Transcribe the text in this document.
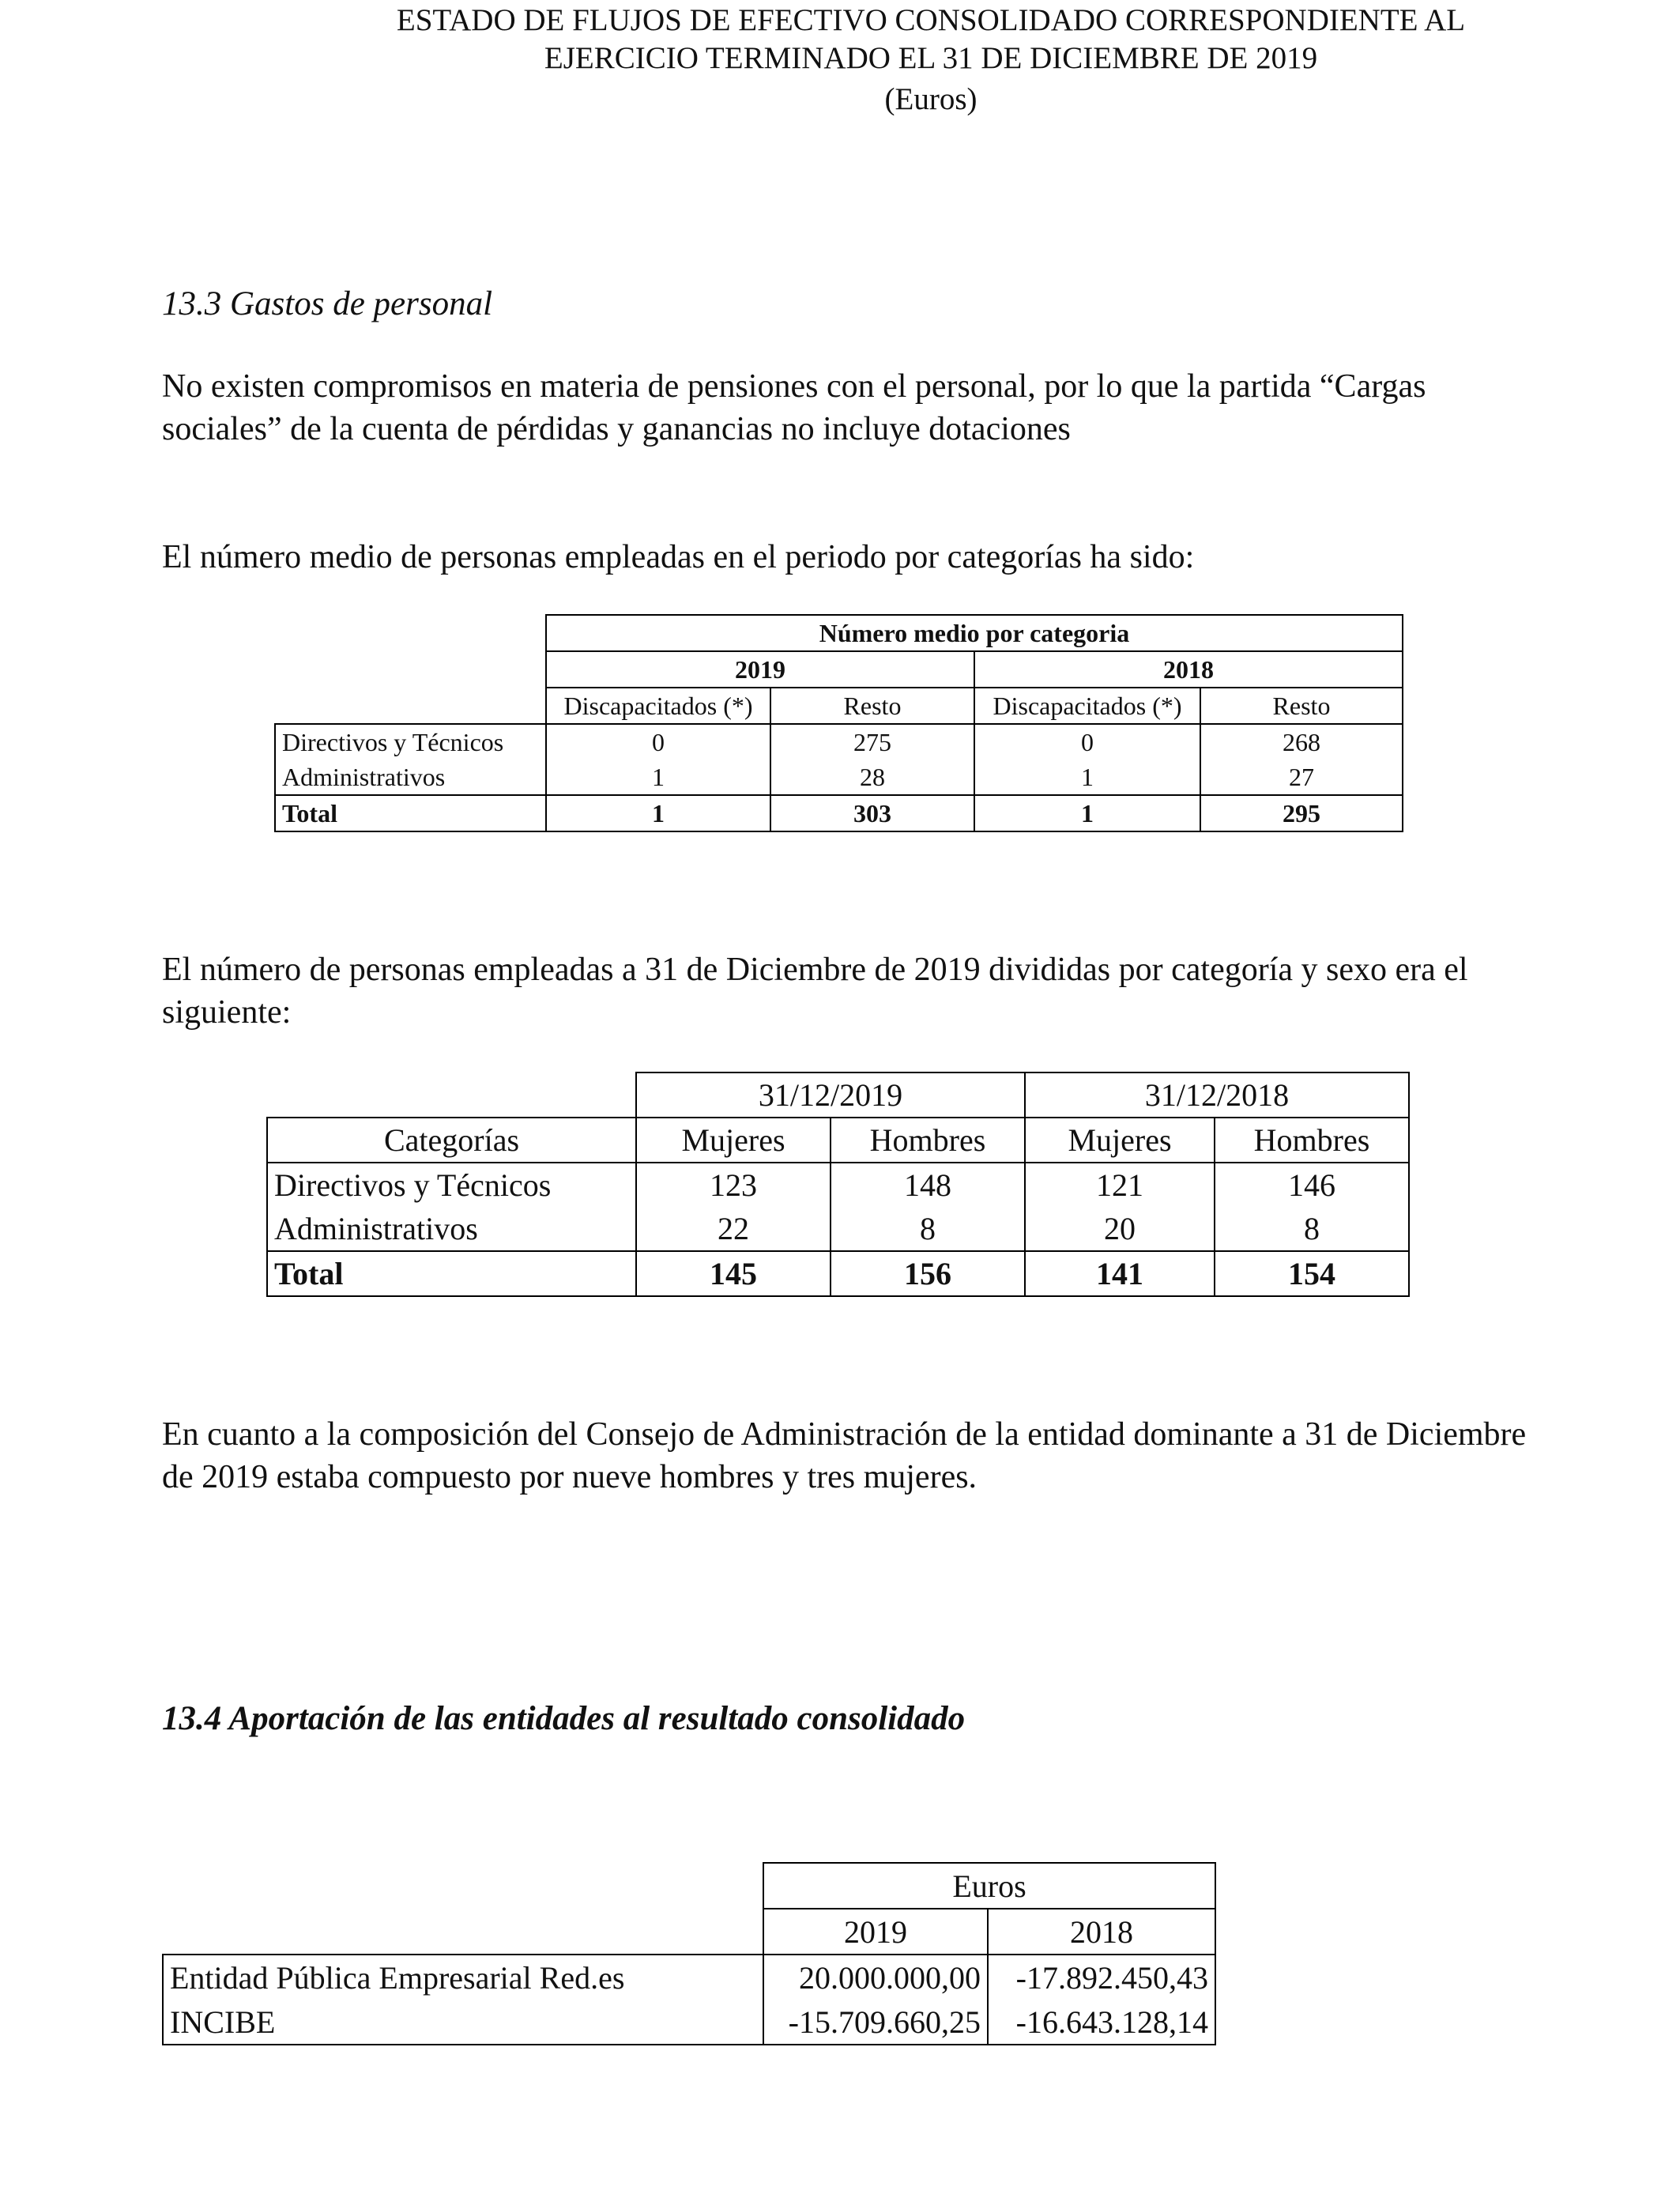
ESTADO DE FLUJOS DE EFECTIVO CONSOLIDADO CORRESPONDIENTE AL
EJERCICIO TERMINADO EL 31 DE DICIEMBRE DE 2019
(Euros)
13.3 Gastos de personal
No existen compromisos en materia de pensiones con el personal, por lo que la partida “Cargas sociales” de la cuenta de pérdidas y ganancias no incluye dotaciones
El número medio de personas empleadas en el periodo por categorías ha sido:
	Número medio por categoria			
	2019		2018	
	Discapacitados (*)	Resto	Discapacitados (*)	Resto
Directivos y Técnicos	0	275	0	268
Administrativos	1	28	1	27
Total	1	303	1	295
El número de personas empleadas a 31 de Diciembre de 2019 divididas por categoría y sexo era el siguiente:
	31/12/2019		31/12/2018	
Categorías	Mujeres	Hombres	Mujeres	Hombres
Directivos y Técnicos	123	148	121	146
Administrativos	22	8	20	8
Total	145	156	141	154
En cuanto a la composición del Consejo de Administración de la entidad dominante a 31 de Diciembre de 2019 estaba compuesto por nueve hombres y tres mujeres.
13.4 Aportación de las entidades al resultado consolidado
	Euros	
	2019	2018
Entidad Pública Empresarial Red.es	20.000.000,00	-17.892.450,43
INCIBE	-15.709.660,25	-16.643.128,14
